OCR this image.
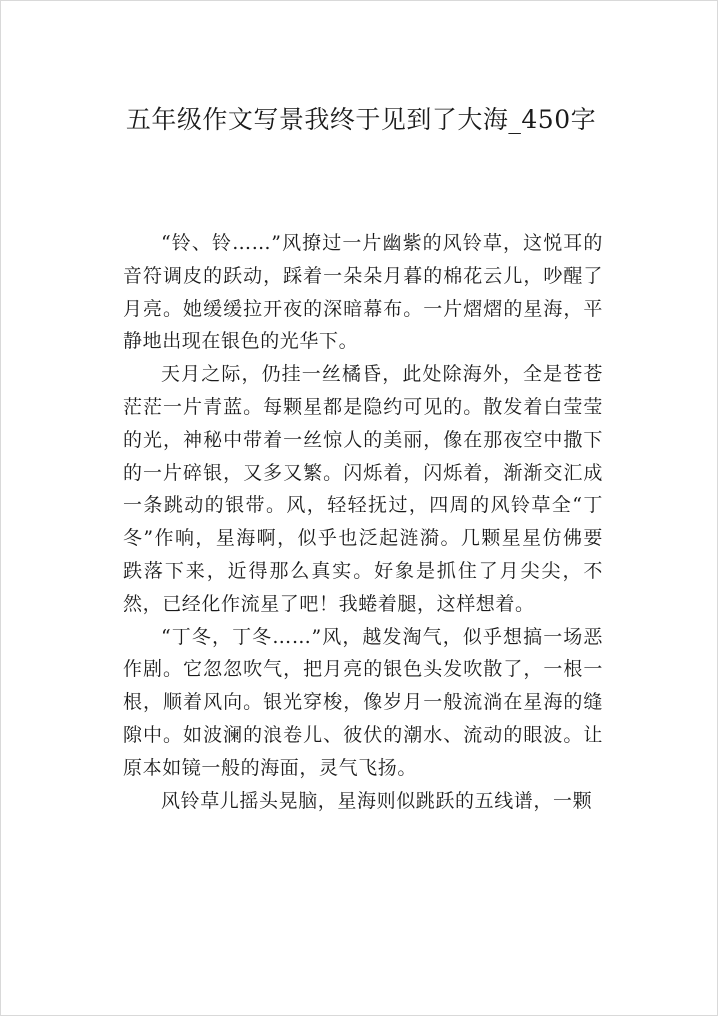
五年级作文写景我终于见到了大海_450字

“铃、铃……”风撩过一片幽紫的风铃草，这悦耳的音符调皮的跃动，踩着一朵朵月暮的棉花云儿，吵醒了月亮。她缓缓拉开夜的深暗幕布。一片熠熠的星海，平静地出现在银色的光华下。

天月之际，仍挂一丝橘昏，此处除海外，全是苍苍茫茫一片青蓝。每颗星都是隐约可见的。散发着白莹莹的光，神秘中带着一丝惊人的美丽，像在那夜空中撒下的一片碎银，又多又繁。闪烁着，闪烁着，渐渐交汇成一条跳动的银带。风，轻轻抚过，四周的风铃草全“丁冬”作响，星海啊，似乎也泛起涟漪。几颗星星仿佛要跌落下来，近得那么真实。好象是抓住了月尖尖，不然，已经化作流星了吧！我蜷着腿，这样想着。

“丁冬，丁冬……”风，越发淘气，似乎想搞一场恶作剧。它忽忽吹气，把月亮的银色头发吹散了，一根一根，顺着风向。银光穿梭，像岁月一般流淌在星海的缝隙中。如波澜的浪卷儿、彼伏的潮水、流动的眼波。让原本如镜一般的海面，灵气飞扬。

风铃草儿摇头晃脑，星海则似跳跃的五线谱，一颗
